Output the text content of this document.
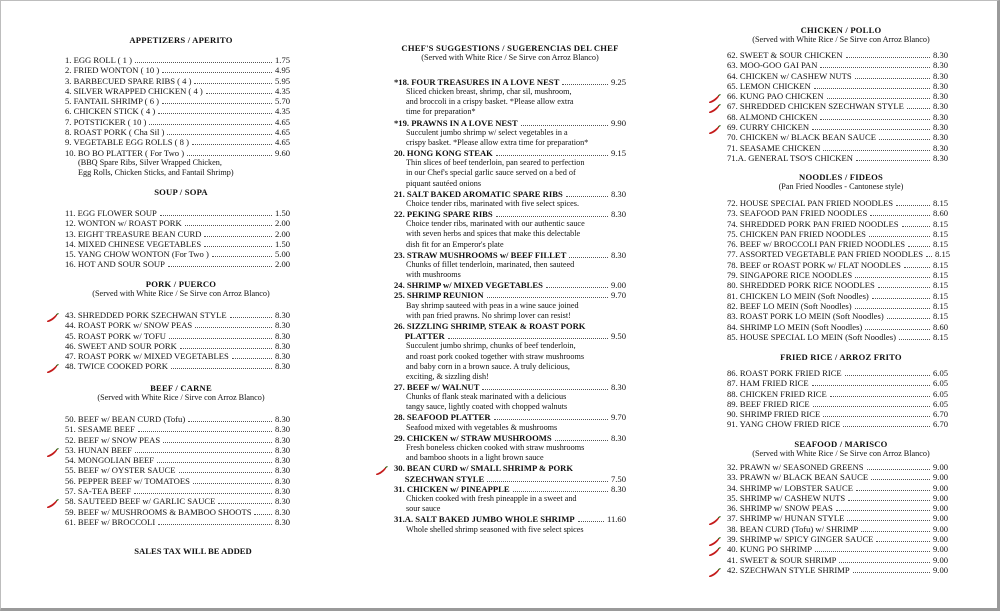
APPETIZERS / APERITO
1. EGG ROLL ( 1 )	1.75
2. FRIED WONTON ( 10 )	4.95
3. BARBECUED SPARE RIBS ( 4 )	5.95
4. SILVER WRAPPED CHICKEN ( 4 )	4.35
5. FANTAIL SHRIMP ( 6 )	5.70
6. CHICKEN STICK ( 4 )	4.35
7. POTSTICKER ( 10 )	4.65
8. ROAST PORK ( Cha Sil )	4.65
9. VEGETABLE EGG ROLLS ( 8 )	4.65
10. BO BO PLATTER ( For Two )	9.60
(BBQ Spare Ribs, Silver Wrapped Chicken,
Egg Rolls, Chicken Sticks, and Fantail Shrimp)
SOUP / SOPA
11. EGG FLOWER SOUP	1.50
12. WONTON w/ ROAST PORK	2.00
13. EIGHT TREASURE BEAN CURD	2.00
14. MIXED CHINESE VEGETABLES	1.50
15. YANG CHOW WONTON (For Two )	5.00
16. HOT AND SOUR SOUP	2.00
PORK / PUERCO
(Served with White Rice / Se Sirve con Arroz Blanco)
43. SHREDDED PORK SZECHWAN STYLE	8.30
44. ROAST PORK w/ SNOW PEAS	8.30
45. ROAST PORK w/ TOFU	8.30
46. SWEET AND SOUR PORK	8.30
47. ROAST PORK w/ MIXED VEGETABLES	8.30
48. TWICE COOKED PORK	8.30
BEEF / CARNE
(Served with White Rice / Sirve con Arroz Blanco)
50. BEEF w/ BEAN CURD (Tofu)	8.30
51. SESAME BEEF	8.30
52. BEEF w/ SNOW PEAS	8.30
53. HUNAN BEEF	8.30
54. MONGOLIAN BEEF	8.30
55. BEEF w/ OYSTER SAUCE	8.30
56. PEPPER BEEF w/ TOMATOES	8.30
57. SA-TEA BEEF	8.30
58. SAUTEED BEEF w/ GARLIC SAUCE	8.30
59. BEEF w/ MUSHROOMS & BAMBOO SHOOTS	8.30
61. BEEF w/ BROCCOLI	8.30
SALES TAX WILL BE ADDED
CHEF'S SUGGESTIONS / SUGERENCIAS DEL CHEF
(Served with White Rice / Se Sirve con Arroz Blanco)
*18. FOUR TREASURES IN A LOVE NEST	9.25
Sliced chicken breast, shrimp, char sil, mushroom,
and broccoli in a crispy basket. *Please allow extra
time for preparation*
*19. PRAWNS IN A LOVE NEST	9.90
Succulent jumbo shrimp w/ select vegetables in a
crispy basket. *Please allow extra time for preparation*
20. HONG KONG STEAK	9.15
Thin slices of beef tenderloin, pan seared to perfection
in our Chef's special garlic sauce served on a bed of
piquant sautéed onions
21. SALT BAKED AROMATIC SPARE RIBS	8.30
Choice tender ribs, marinated with five select spices.
22. PEKING SPARE RIBS	8.30
Choice tender ribs, marinated with our authentic sauce
with seven herbs and spices that make this delectable
dish fit for an Emperor's plate
23. STRAW MUSHROOMS w/ BEEF FILLET	8.30
Chunks of fillet tenderloin, marinated, then sauteed
with mushrooms
24. SHRIMP w/ MIXED VEGETABLES	9.00
25. SHRIMP REUNION	9.70
Bay shrimp sauteed with peas in a wine sauce joined
with pan fried prawns. No shrimp lover can resist!
26. SIZZLING SHRIMP, STEAK & ROAST PORK
PLATTER	9.50
Succulent jumbo shrimp, chunks of beef tenderloin,
and roast pork cooked together with straw mushrooms
and baby corn in a brown sauce. A truly delicious,
exciting, & sizzling dish!
27. BEEF w/ WALNUT	8.30
Chunks of flank steak marinated with a delicious
tangy sauce, lightly coated with chopped walnuts
28. SEAFOOD PLATTER	9.70
Seafood mixed with vegetables & mushrooms
29. CHICKEN w/ STRAW MUSHROOMS	8.30
Fresh boneless chicken cooked with straw mushrooms
and bamboo shoots in a light brown sauce
30. BEAN CURD w/ SMALL SHRIMP & PORK
SZECHWAN STYLE	7.50
31. CHICKEN w/ PINEAPPLE	8.30
Chicken cooked with fresh pineapple in a sweet and
sour sauce
31.A. SALT BAKED JUMBO WHOLE SHRIMP	11.60
Whole shelled shrimp seasoned with five select spices
CHICKEN / POLLO
(Served with White Rice / Se Sirve con Arroz Blanco)
62. SWEET & SOUR CHICKEN	8.30
63. MOO-GOO GAI PAN	8.30
64. CHICKEN w/ CASHEW NUTS	8.30
65. LEMON CHICKEN	8.30
66. KUNG PAO CHICKEN	8.30
67. SHREDDED CHICKEN SZECHWAN STYLE	8.30
68. ALMOND CHICKEN	8.30
69. CURRY CHICKEN	8.30
70. CHICKEN w/ BLACK BEAN SAUCE	8.30
71. SEASAME CHICKEN	8.30
71.A. GENERAL TSO'S CHICKEN	8.30
NOODLES / FIDEOS
(Pan Fried Noodles - Cantonese style)
72. HOUSE SPECIAL PAN FRIED NOODLES	8.15
73. SEAFOOD PAN FRIED NOODLES	8.60
74. SHREDDED PORK PAN FRIED NOODLES	8.15
75. CHICKEN PAN FRIED NOODLES	8.15
76. BEEF w/ BROCCOLI PAN FRIED NOODLES	8.15
77. ASSORTED VEGETABLE PAN FRIED NOODLES 8.15
78. BEEF or ROAST PORK w/ FLAT NOODLES	8.15
79. SINGAPORE RICE NOODLES	8.15
80. SHREDDED PORK RICE NOODLES	8.15
81. CHICKEN LO MEIN (Soft Noodles)	8.15
82. BEEF LO MEIN (Soft Noodles)	8.15
83. ROAST PORK LO MEIN (Soft Noodles)	8.15
84. SHRIMP LO MEIN (Soft Noodles)	8.60
85. HOUSE SPECIAL LO MEIN (Soft Noodles)	8.15
FRIED RICE / ARROZ FRITO
86. ROAST PORK FRIED RICE	6.05
87. HAM FRIED RICE	6.05
88. CHICKEN FRIED RICE	6.05
89. BEEF FRIED RICE	6.05
90. SHRIMP FRIED RICE	6.70
91. YANG CHOW FRIED RICE	6.70
SEAFOOD / MARISCO
(Served with White Rice / Se Sirve con Arroz Blanco)
32. PRAWN w/ SEASONED GREENS	9.00
33. PRAWN w/ BLACK BEAN SAUCE	9.00
34. SHRIMP w/ LOBSTER SAUCE	9.00
35. SHRIMP w/ CASHEW NUTS	9.00
36. SHRIMP w/ SNOW PEAS	9.00
37. SHRIMP w/ HUNAN STYLE	9.00
38. BEAN CURD (Tofu) w/ SHRIMP	9.00
39. SHRIMP w/ SPICY GINGER SAUCE	9.00
40. KUNG PO SHRIMP	9.00
41. SWEET & SOUR SHRIMP	9.00
42. SZECHWAN STYLE SHRIMP	9.00
